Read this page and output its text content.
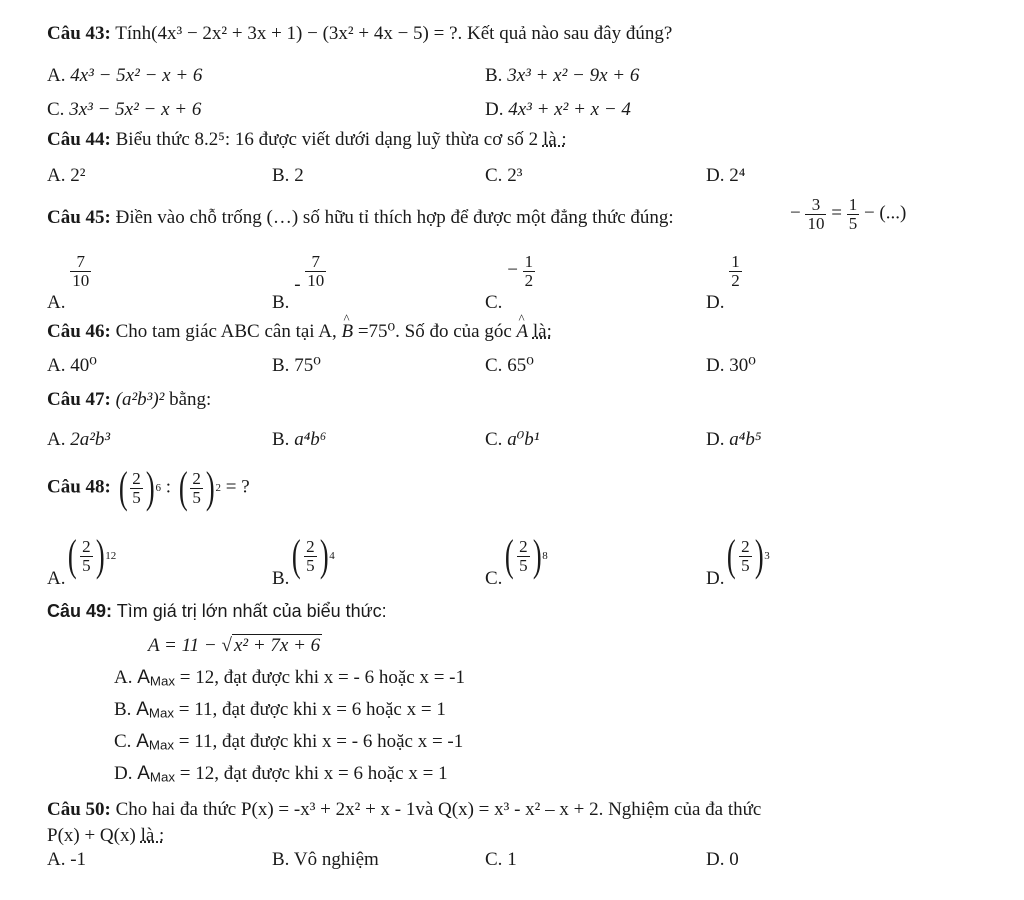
Câu 43: Tính(4x³ − 2x² + 3x + 1) − (3x² + 4x − 5) = ?. Kết quả nào sau đây đúng?
A. 4x³ − 5x² − x + 6	B. 3x³ + x² − 9x + 6
C. 3x³ − 5x² − x + 6	D. 4x³ + x² + x − 4
Câu 44: Biểu thức 8.2⁵: 16 được viết dưới dạng luỹ thừa cơ số 2 là :
A. 2²	B. 2	C. 2³	D. 2⁴
Câu 45: Điền vào chỗ trống (…) số hữu tỉ thích hợp để được một đẳng thức đúng:	− $\frac{3}{10} = \frac{1}{5}$ − (...)
A.
$\frac{7}{10}$
B. - $\frac{7}{10}$
C. − $\frac{1}{2}$
D.
$\frac{1}{2}$
Câu 46: Cho tam giác ABC cân tại A, ^ B =75⁰. Số đo của góc ^ A là:
A. 40⁰	B. 75⁰	C. 65⁰	D. 30⁰
Câu 47: (a²b³)² bằng:
A. 2a²b³	B. a⁴b⁶	C. a⁰b¹	D. a⁴b⁵
Câu 48: ( $\frac{2}{5}$ ) 6 : ( $\frac{2}{5}$ ) 2 = ?
A. ( $\frac{2}{5}$ ) 12
B. ( $\frac{2}{5}$ ) 4
C. ( $\frac{2}{5}$ ) 8
D. ( $\frac{2}{5}$ ) 3
Câu 49: Tìm giá trị lớn nhất của biểu thức:
A = 11 − √ x² + 7x + 6
A. $A_{Max} = 12$, đạt được khi x = - 6 hoặc x = -1
B. $A_{Max} = 11$, đạt được khi x = 6 hoặc x = 1
C. $A_{Max} = 11$, đạt được khi x = - 6 hoặc x = -1
D. $A_{Max} = 12$, đạt được khi x = 6 hoặc x = 1
Câu 50: Cho hai đa thức P(x) = -x³ + 2x² + x - 1và Q(x) = x³ - x² – x + 2. Nghiệm của đa thức
P(x) + Q(x) là :
A. -1	B. Vô nghiệm	C. 1	D. 0
